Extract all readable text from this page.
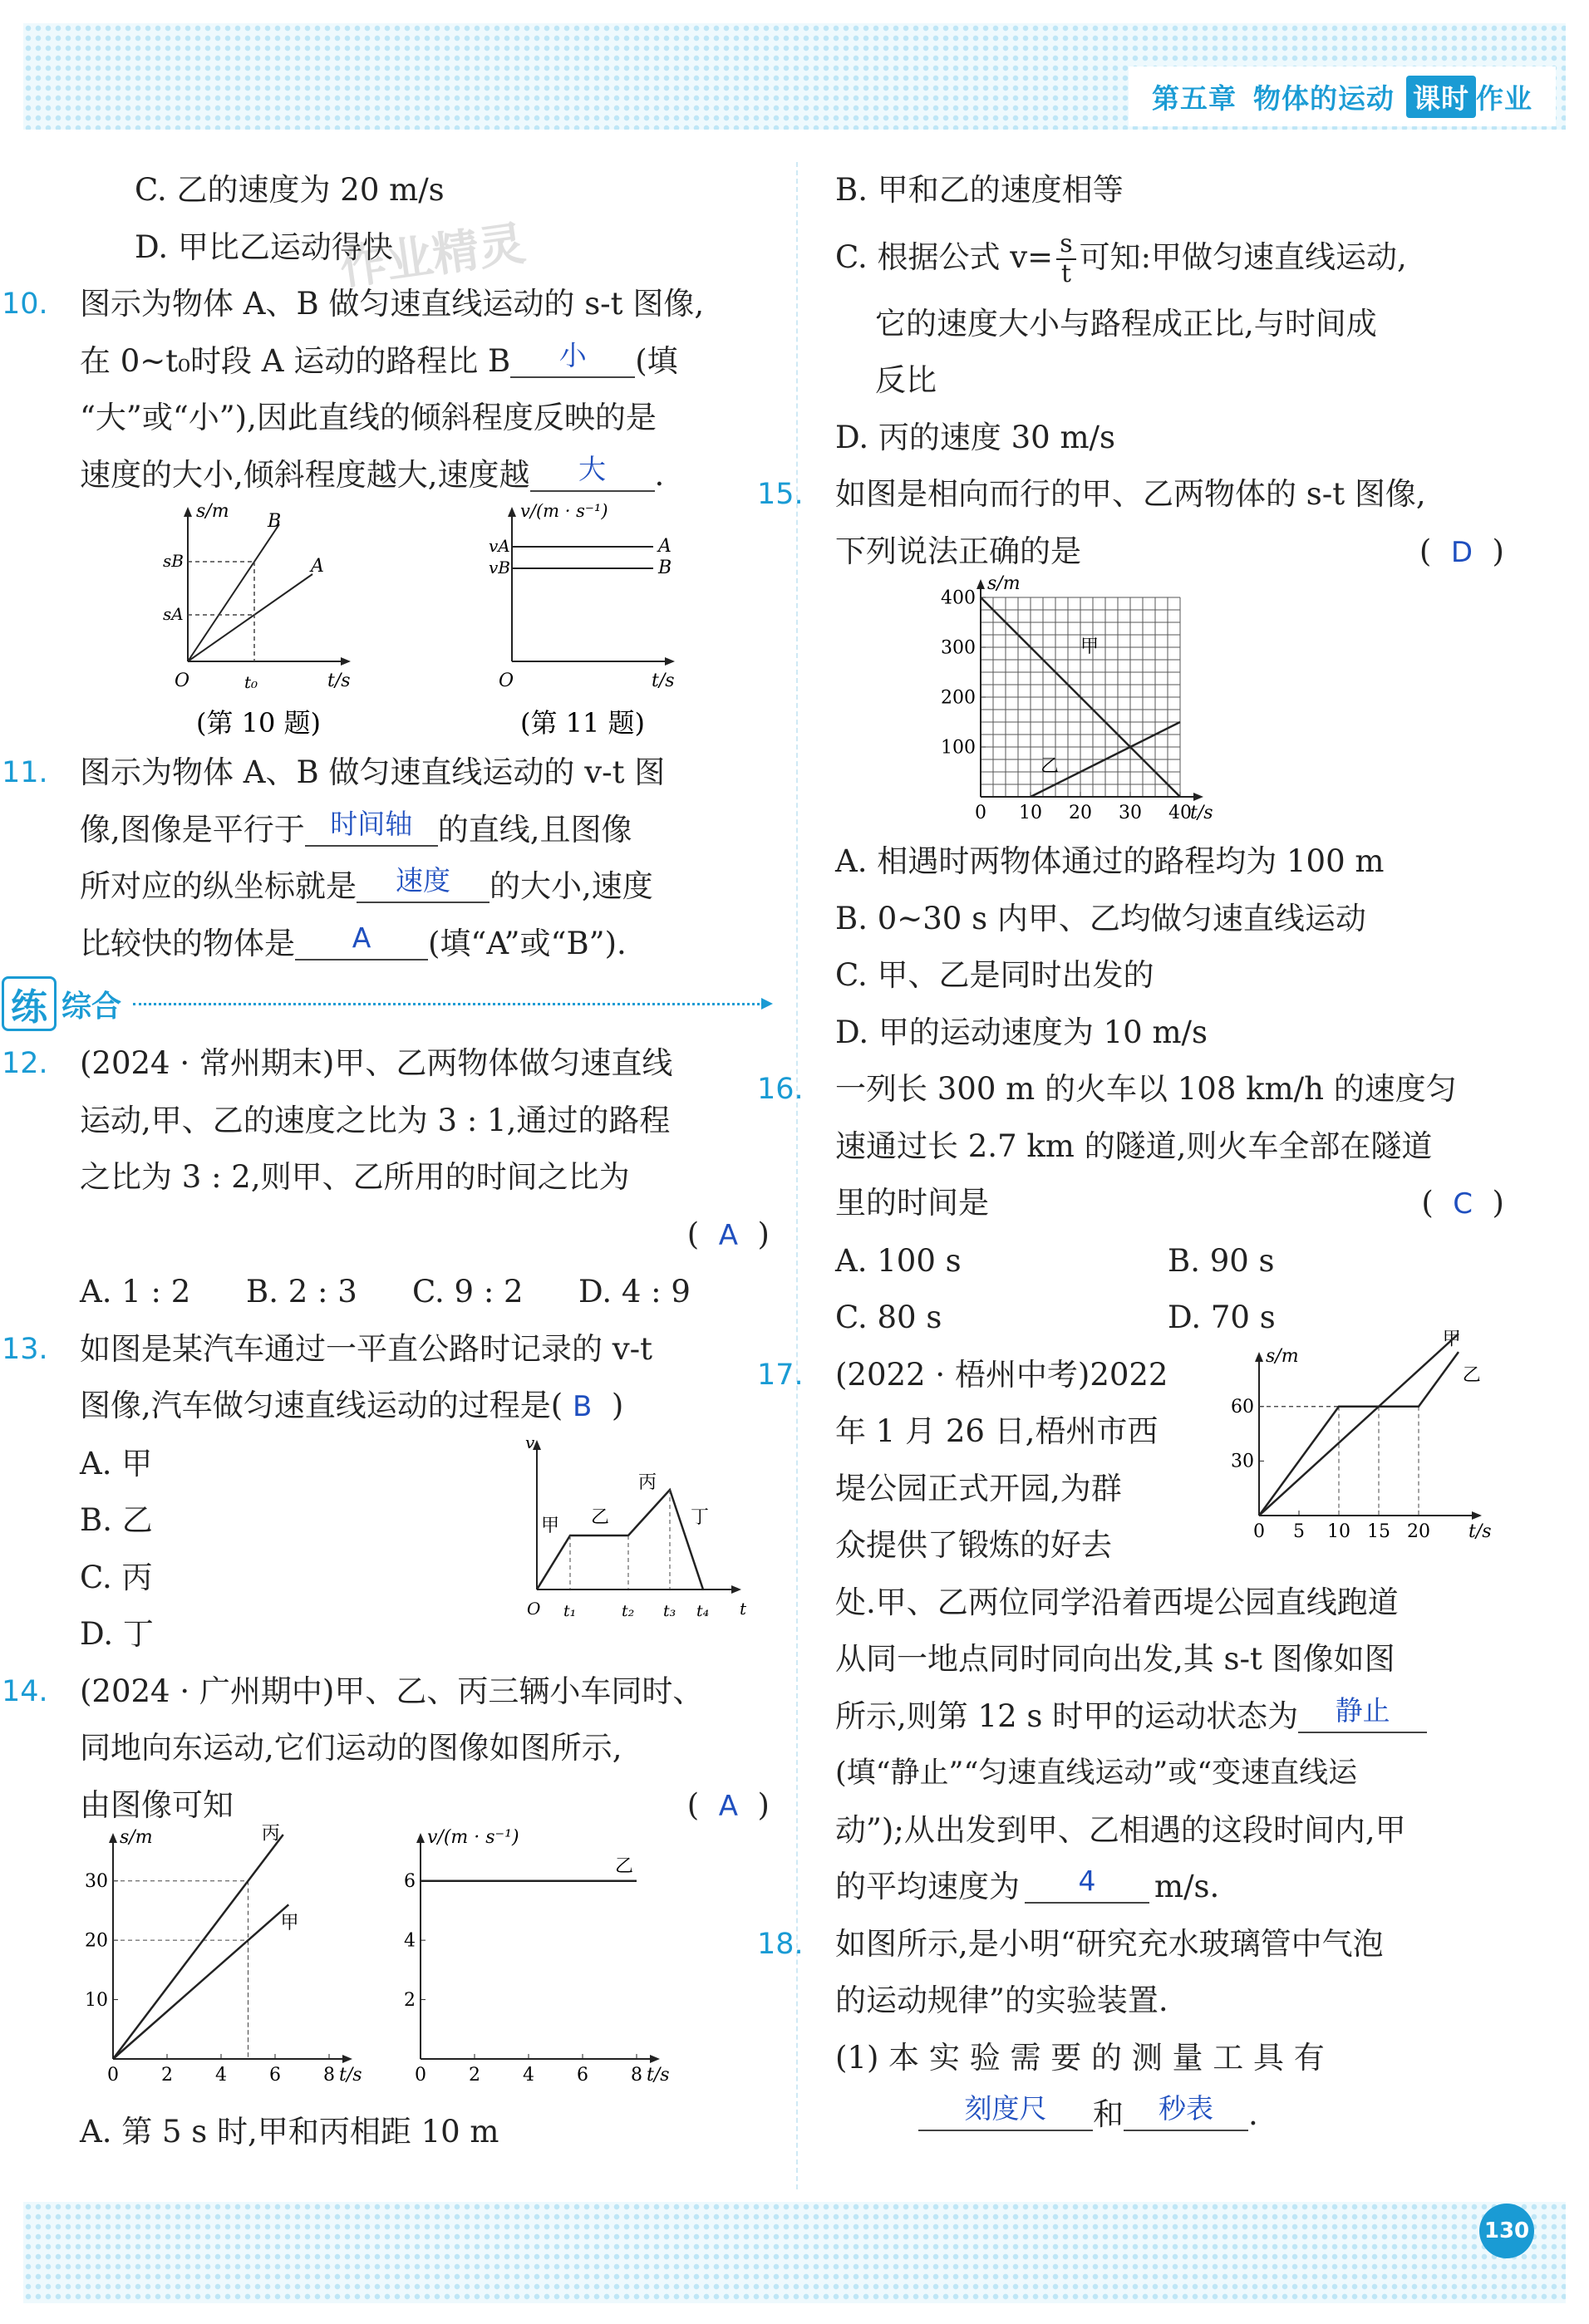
第五章 物体的运动 课时 作业
130
作业精灵
C. 乙的速度为 20 m/s
D. 甲比乙运动得快
10. 图示为物体 A、B 做匀速直线运动的 s-t 图像,
在 0~t₀时段 A 运动的路程比 B 小 (填
“大”或“小”),因此直线的倾斜程度反映的是
速度的大小,倾斜程度越大,速度越 大 .
s/m
t/s
B
A
sB
sA
t₀
O
(第 10 题)
v/(m · s⁻¹)
t/s
vA
vB
A
B
O
(第 11 题)
11. 图示为物体 A、B 做匀速直线运动的 v-t 图
像,图像是平行于 时间轴 的直线,且图像
所对应的纵坐标就是 速度 的大小,速度
比较快的物体是 A (填“A”或“B”).
练 综合
12. (2024 · 常州期末)甲、乙两物体做匀速直线
运动,甲、乙的速度之比为 3 : 1,通过的路程
之比为 3 : 2,则甲、乙所用的时间之比为
(  A  )
A. 1 : 2	B. 2 : 3	C. 9 : 2	D. 4 : 9
13. 如图是某汽车通过一平直公路时记录的 v-t
图像,汽车做匀速直线运动的过程是( B  )
A. 甲
B. 乙
C. 丙
D. 丁
v
t
O t₁	t₂ t₃ t₄
甲 乙
丙
丁
14. (2024 · 广州期中)甲、乙、丙三辆小车同时、
同地向东运动,它们运动的图像如图所示,
由图像可知	(  A  )
0 2 4 6 8
10
20
30
s/m
t/s
丙
甲
0 2 4 6 8
2
4
6
v/(m · s⁻¹)
t/s
乙
A. 第 5 s 时,甲和丙相距 10 m
B. 甲和乙的速度相等
C. 根据公式 $v= \frac{s}{t}$ 可知:甲做匀速直线运动,
它的速度大小与路程成正比,与时间成
反比
D. 丙的速度 30 m/s
15. 如图是相向而行的甲、乙两物体的 s-t 图像,
下列说法正确的是	(  D  )
0 10 20 30 40
100
200
300
400
s/m
t/s
甲
乙
A. 相遇时两物体通过的路程均为 100 m
B. 0~30 s 内甲、乙均做匀速直线运动
C. 甲、乙是同时出发的
D. 甲的运动速度为 10 m/s
16. 一列长 300 m 的火车以 108 km/h 的速度匀
速通过长 2.7 km 的隧道,则火车全部在隧道
里的时间是	(  C  )
A. 100 s	B. 90 s
C. 80 s	D. 70 s
17. (2022 · 梧州中考)2022
年 1 月 26 日,梧州市西
堤公园正式开园,为群
众提供了锻炼的好去	0 5 10 15 20
30
60
s/m
t/s
甲
乙
处.甲、乙两位同学沿着西堤公园直线跑道
从同一地点同时同向出发,其 s-t 图像如图
所示,则第 12 s 时甲的运动状态为 静止
(填“静止”“匀速直线运动”或“变速直线运
动”);从出发到甲、乙相遇的这段时间内,甲
的平均速度为 4 m/s.
18. 如图所示,是小明“研究充水玻璃管中气泡
的运动规律”的实验装置.
(1) 本 实 验 需 要 的 测 量 工 具 有
刻度尺 和 秒表 .
